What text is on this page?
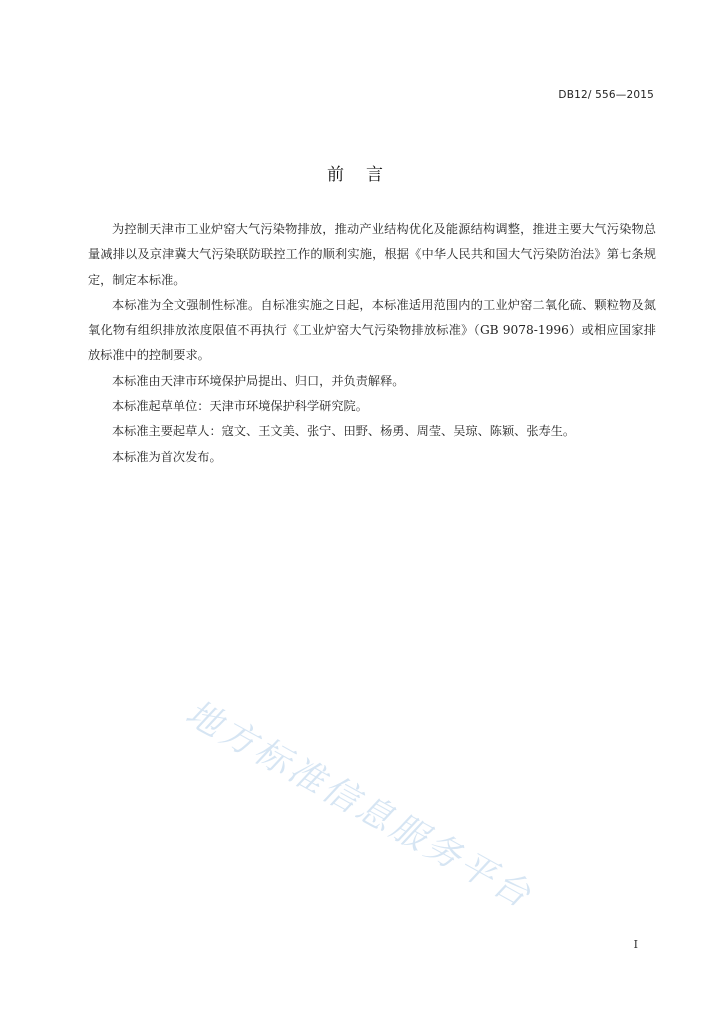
DB12/ 556—2015
前言

为控制天津市工业炉窑大气污染物排放，推动产业结构优化及能源结构调整，推进主要大气污染物总量减排以及京津冀大气污染联防联控工作的顺利实施，根据《中华人民共和国大气污染防治法》第七条规定，制定本标准。

本标准为全文强制性标准。自标准实施之日起，本标准适用范围内的工业炉窑二氧化硫、颗粒物及氮氧化物有组织排放浓度限值不再执行《工业炉窑大气污染物排放标准》（GB 9078-1996）或相应国家排放标准中的控制要求。

本标准由天津市环境保护局提出、归口，并负责解释。

本标准起草单位：天津市环境保护科学研究院。

本标准主要起草人：寇文、王文美、张宁、田野、杨勇、周莹、吴琼、陈颖、张寿生。

本标准为首次发布。

地方标准信息服务平台
I
